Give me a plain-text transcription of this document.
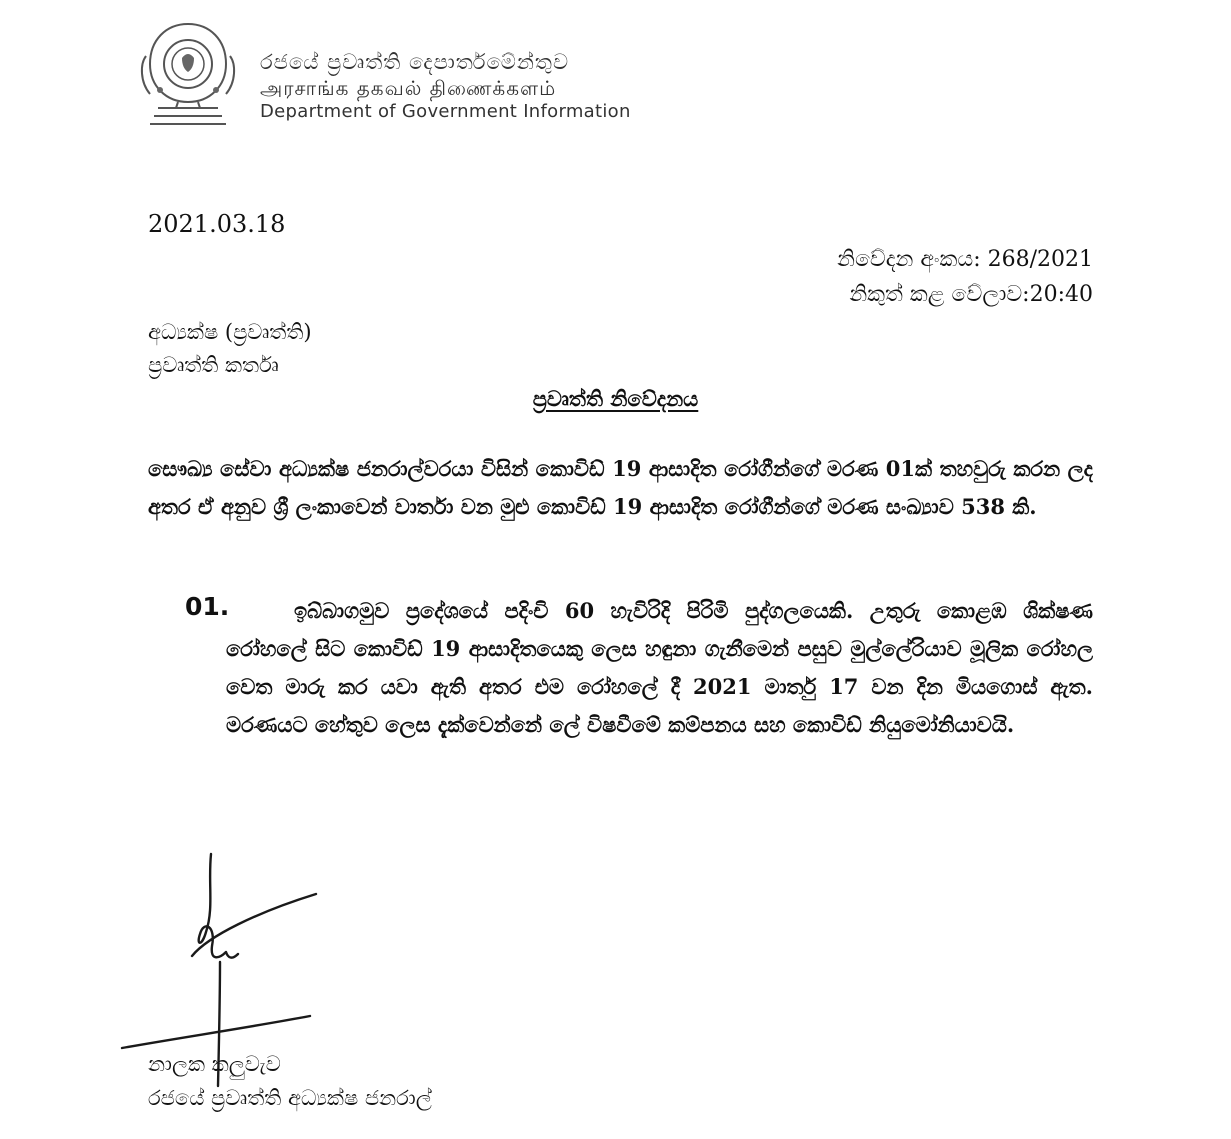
රජයේ ප්‍රවෘත්ති දෙපාර්තමේන්තුව
அரசாங்க தகவல் திணைக்களம்
Department of Government Information
2021.03.18
නිවේදන අංකය: 268/2021
නිකුත් කළ වේලාව:20:40
අධ්‍යක්ෂ (ප්‍රවෘත්ති)
ප්‍රවෘත්ති කර්තෘ
ප්‍රවෘත්ති නිවේදනය
සෞඛ්‍ය සේවා අධ්‍යක්ෂ ජනරාල්වරයා විසින් කොවිඩ් 19 ආසාදිත රෝගීන්ගේ මරණ 01ක් තහවුරු කරන ලද අතර ඒ අනුව ශ්‍රී ලංකාවෙන් වාර්තා වන මුළු කොවිඩ් 19 ආසාදිත රෝගීන්ගේ මරණ සංඛ්‍යාව 538 කි.
01.	ඉබ්බාගමුව ප්‍රදේශයේ පදිංචි 60 හැවිරිදි පිරිමි පුද්ගලයෙකි. උතුරු කොළඹ ශික්ෂණ රෝහලේ සිට කොවිඩ් 19 ආසාදිතයෙකු ලෙස හඳුනා ගැනීමෙන් පසුව මුල්ලේරියාව මූලික රෝහල වෙත මාරු කර යවා ඇති අතර එම රෝහලේ දී 2021 මාර්තු 17 වන දින මියගොස් ඇත. මරණයට හේතුව ලෙස දැක්වෙන්නේ ලේ විෂවීමේ කම්පනය සහ කොවිඩ් නියුමෝනියාවයි.
නාලක කලුවැව
රජයේ ප්‍රවෘත්ති අධ්‍යක්ෂ ජනරාල්
